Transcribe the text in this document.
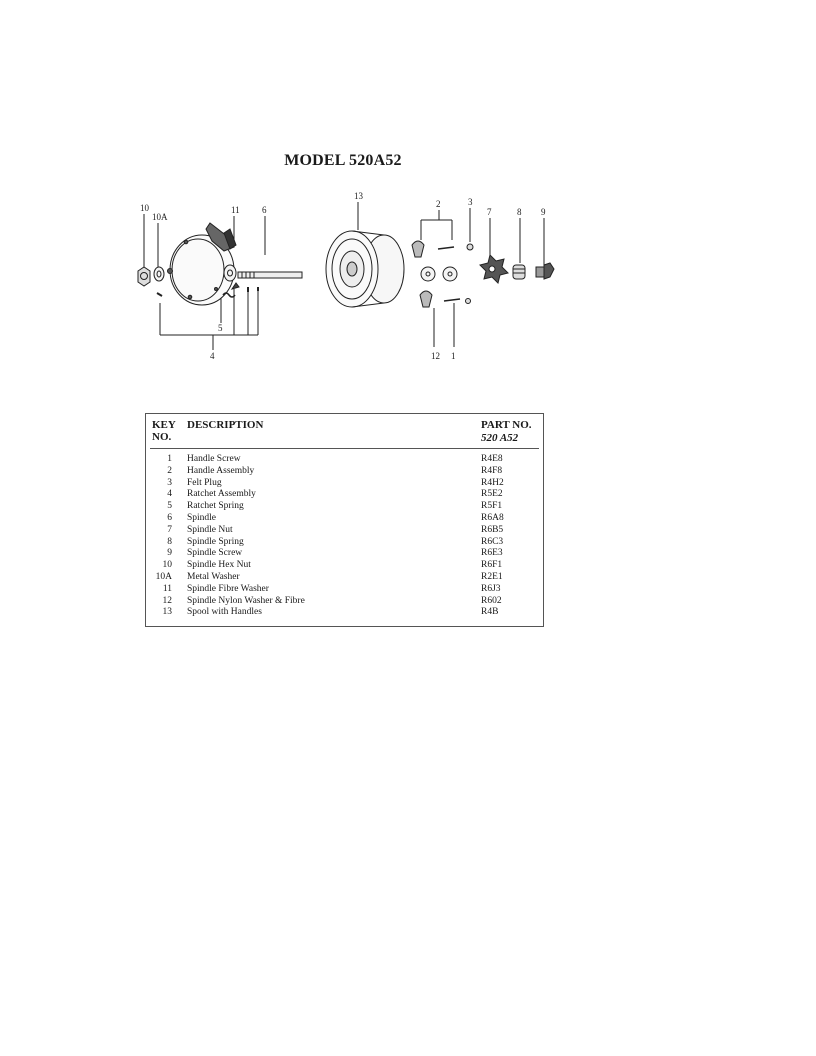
MODEL 520A52
10
10A
11 6
13
2	3
7	8 9
5
4	12 1
KEY
NO.
DESCRIPTION	PART NO.
520 A52
1 Handle Screw	R4E8
2 Handle Assembly	R4F8
3 Felt Plug	R4H2
4 Ratchet Assembly	R5E2
5 Ratchet Spring	R5F1
6 Spindle	R6A8
7 Spindle Nut	R6B5
8 Spindle Spring	R6C3
9 Spindle Screw	R6E3
10 Spindle Hex Nut	R6F1
10A Metal Washer	R2E1
11 Spindle Fibre Washer	R6J3
12 Spindle Nylon Washer & Fibre	R602
13 Spool with Handles	R4B
